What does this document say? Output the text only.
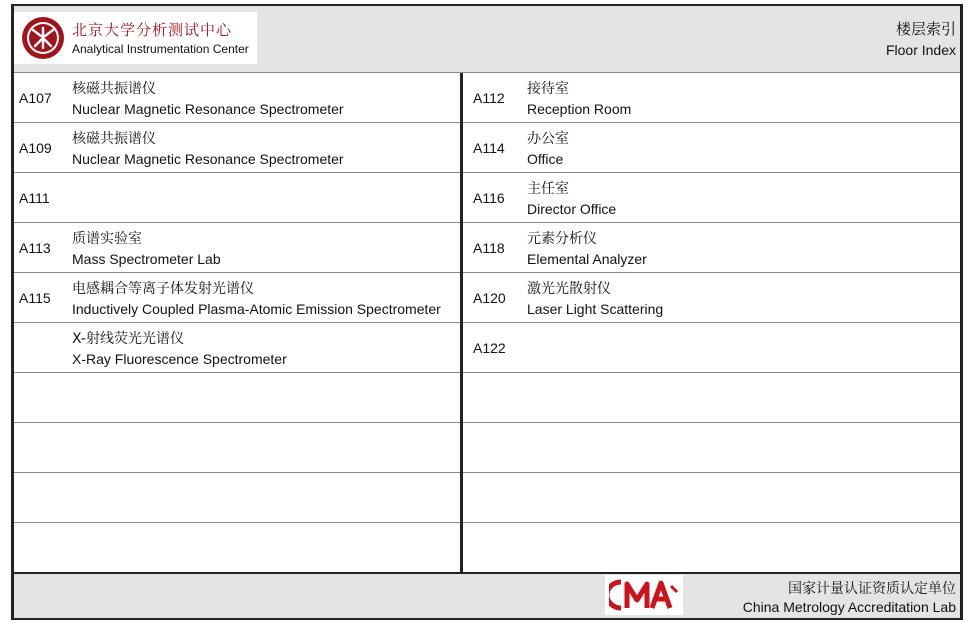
北京大学分析测试中心
Analytical Instrumentation Center
楼层索引
Floor Index
A107
核磁共振谱仪
Nuclear Magnetic Resonance Spectrometer
A109
核磁共振谱仪
Nuclear Magnetic Resonance Spectrometer
A111
A113
质谱实验室
Mass Spectrometer Lab
A115
电感耦合等离子体发射光谱仪
Inductively Coupled Plasma-Atomic Emission Spectrometer
X-射线荧光光谱仪
X-Ray Fluorescence Spectrometer
A112
接待室
Reception Room
A114
办公室
Office
A116
主任室
Director Office
A118
元素分析仪
Elemental Analyzer
A120
激光光散射仪
Laser Light Scattering
A122
国家计量认证资质认定单位
China Metrology Accreditation Lab
